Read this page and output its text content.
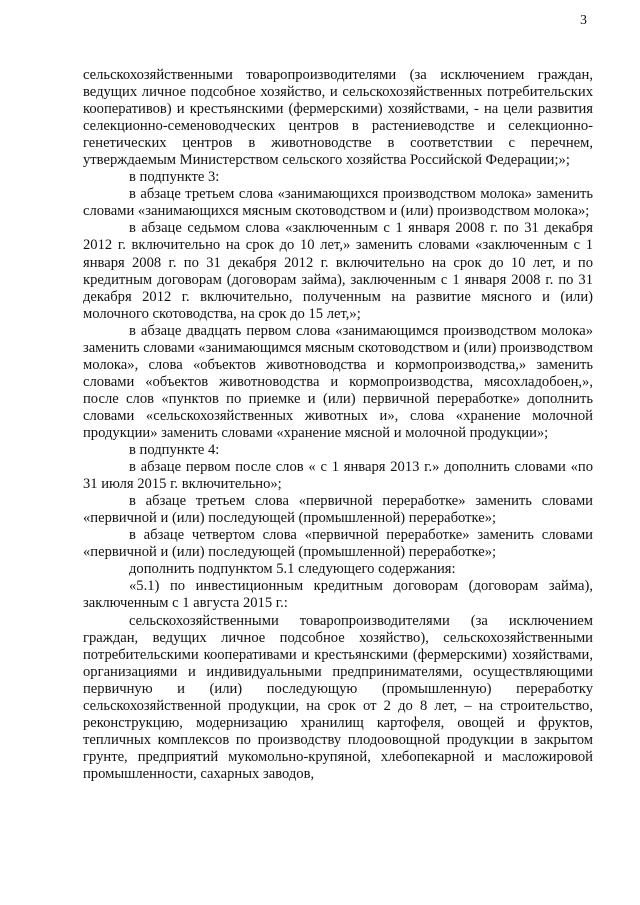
3

сельскохозяйственными товаропроизводителями (за исключением граждан, ведущих личное подсобное хозяйство, и сельскохозяйственных потребительских кооперативов) и крестьянскими (фермерскими) хозяйствами, - на цели развития селекционно-семеноводческих центров в растениеводстве и селекционно-генетических центров в животноводстве в соответствии с перечнем, утверждаемым Министерством сельского хозяйства Российской Федерации;»;

в подпункте 3:

в абзаце третьем слова «занимающихся производством молока» заменить словами «занимающихся мясным скотоводством и (или) производством молока»;

в абзаце седьмом слова «заключенным с 1 января 2008 г. по 31 декабря 2012 г. включительно на срок до 10 лет,» заменить словами «заключенным с 1 января 2008 г. по 31 декабря 2012 г. включительно на срок до 10 лет, и по кредитным договорам (договорам займа), заключенным с 1 января 2008 г. по 31 декабря 2012 г. включительно, полученным на развитие мясного и (или) молочного скотоводства, на срок до 15 лет,»;

в абзаце двадцать первом слова «занимающимся производством молока» заменить словами «занимающимся мясным скотоводством и (или) производством молока», слова «объектов животноводства и кормопроизводства,» заменить словами «объектов животноводства и кормопроизводства, мясохладобоен,», после слов «пунктов по приемке и (или) первичной переработке» дополнить словами «сельскохозяйственных животных и», слова «хранение молочной продукции» заменить словами «хранение мясной и молочной продукции»;

в подпункте 4:

в абзаце первом после слов « с 1 января 2013 г.» дополнить словами «по 31 июля 2015 г. включительно»;

в абзаце третьем слова «первичной переработке» заменить словами «первичной и (или) последующей (промышленной) переработке»;

в абзаце четвертом слова «первичной переработке» заменить словами «первичной и (или) последующей (промышленной) переработке»;

дополнить подпунктом 5.1 следующего содержания:

«5.1) по инвестиционным кредитным договорам (договорам займа), заключенным с 1 августа 2015 г.:

сельскохозяйственными товаропроизводителями (за исключением граждан, ведущих личное подсобное хозяйство), сельскохозяйственными потребительскими кооперативами и крестьянскими (фермерскими) хозяйствами, организациями и индивидуальными предпринимателями, осуществляющими первичную и (или) последующую (промышленную) переработку сельскохозяйственной продукции, на срок от 2 до 8 лет, – на строительство, реконструкцию, модернизацию хранилищ картофеля, овощей и фруктов, тепличных комплексов по производству плодоовощной продукции в закрытом грунте, предприятий мукомольно-крупяной, хлебопекарной и масложировой промышленности, сахарных заводов,
